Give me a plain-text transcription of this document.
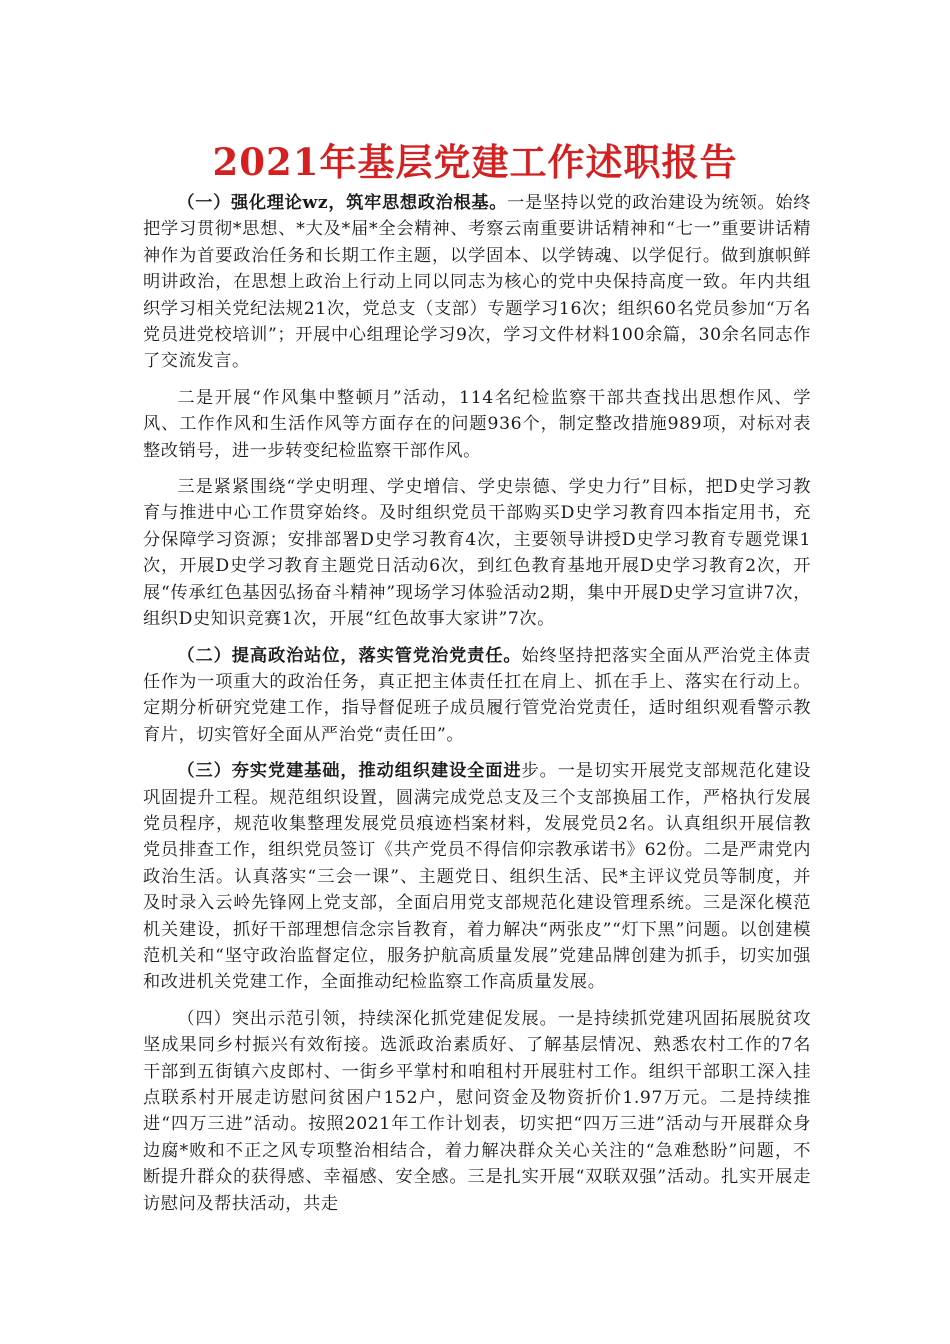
2021年基层党建工作述职报告

（一）强化理论wz，筑牢思想政治根基。一是坚持以党的政治建设为统领。始终把学习贯彻*思想、*大及*届*全会精神、考察云南重要讲话精神和“七一”重要讲话精神作为首要政治任务和长期工作主题，以学固本、以学铸魂、以学促行。做到旗帜鲜明讲政治，在思想上政治上行动上同以同志为核心的党中央保持高度一致。年内共组织学习相关党纪法规21次，党总支（支部）专题学习16次；组织60名党员参加“万名党员进党校培训”；开展中心组理论学习9次，学习文件材料100余篇，30余名同志作了交流发言。

二是开展“作风集中整顿月”活动，114名纪检监察干部共查找出思想作风、学风、工作作风和生活作风等方面存在的问题936个，制定整改措施989项，对标对表整改销号，进一步转变纪检监察干部作风。

三是紧紧围绕“学史明理、学史增信、学史崇德、学史力行”目标，把D史学习教育与推进中心工作贯穿始终。及时组织党员干部购买D史学习教育四本指定用书，充分保障学习资源；安排部署D史学习教育4次，主要领导讲授D史学习教育专题党课1次，开展D史学习教育主题党日活动6次，到红色教育基地开展D史学习教育2次，开展“传承红色基因弘扬奋斗精神”现场学习体验活动2期，集中开展D史学习宣讲7次，组织D史知识竞赛1次，开展“红色故事大家讲”7次。

（二）提高政治站位，落实管党治党责任。始终坚持把落实全面从严治党主体责任作为一项重大的政治任务，真正把主体责任扛在肩上、抓在手上、落实在行动上。定期分析研究党建工作，指导督促班子成员履行管党治党责任，适时组织观看警示教育片，切实管好全面从严治党“责任田”。

（三）夯实党建基础，推动组织建设全面进步。一是切实开展党支部规范化建设巩固提升工程。规范组织设置，圆满完成党总支及三个支部换届工作，严格执行发展党员程序，规范收集整理发展党员痕迹档案材料，发展党员2名。认真组织开展信教党员排查工作，组织党员签订《共产党员不得信仰宗教承诺书》62份。二是严肃党内政治生活。认真落实“三会一课”、主题党日、组织生活、民*主评议党员等制度，并及时录入云岭先锋网上党支部，全面启用党支部规范化建设管理系统。三是深化模范机关建设，抓好干部理想信念宗旨教育，着力解决“两张皮”“灯下黑”问题。以创建模范机关和“坚守政治监督定位，服务护航高质量发展”党建品牌创建为抓手，切实加强和改进机关党建工作，全面推动纪检监察工作高质量发展。

（四）突出示范引领，持续深化抓党建促发展。一是持续抓党建巩固拓展脱贫攻坚成果同乡村振兴有效衔接。选派政治素质好、了解基层情况、熟悉农村工作的7名干部到五街镇六皮郎村、一街乡平掌村和咱租村开展驻村工作。组织干部职工深入挂点联系村开展走访慰问贫困户152户，慰问资金及物资折价1.97万元。二是持续推进“四万三进”活动。按照2021年工作计划表，切实把“四万三进”活动与开展群众身边腐*败和不正之风专项整治相结合，着力解决群众关心关注的“急难愁盼”问题，不断提升群众的获得感、幸福感、安全感。三是扎实开展“双联双强”活动。扎实开展走访慰问及帮扶活动，共走
